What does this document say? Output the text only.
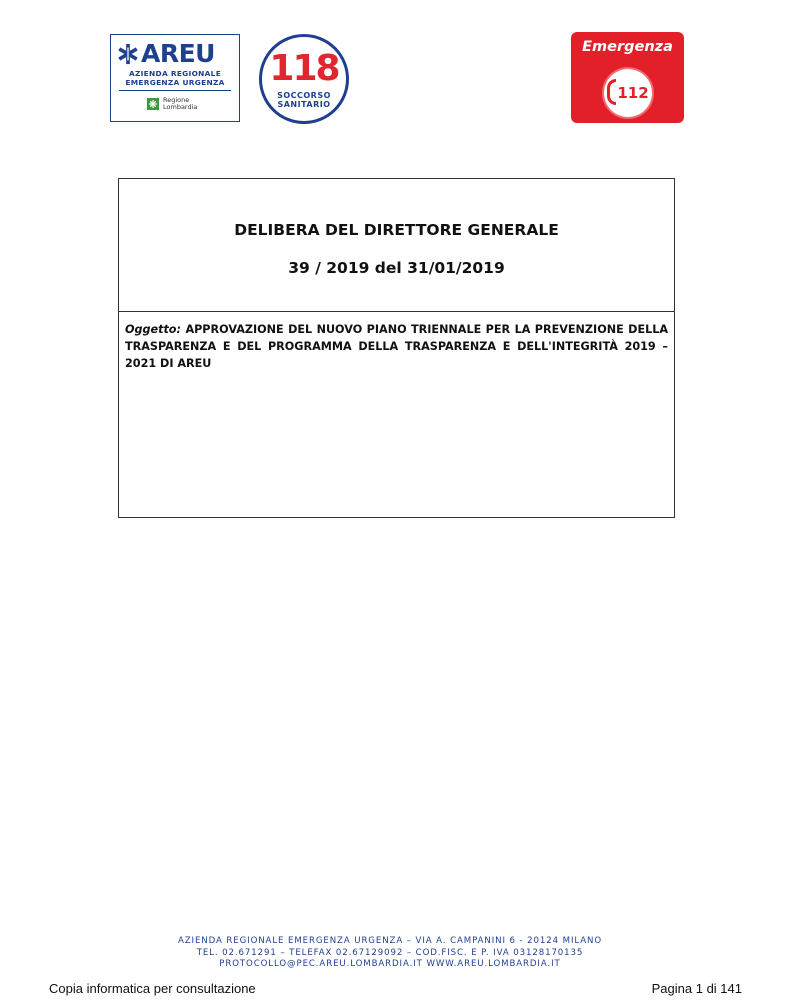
AREU
AZIENDA REGIONALE
EMERGENZA URGENZA
Regione
Lombardia
118
SOCCORSO
SANITARIO
Emergenza
112
DELIBERA DEL DIRETTORE GENERALE
39 / 2019 del 31/01/2019
Oggetto: APPROVAZIONE DEL NUOVO PIANO TRIENNALE PER LA PREVENZIONE DELLA TRASPARENZA E DEL PROGRAMMA DELLA TRASPARENZA E DELL'INTEGRITÀ 2019 – 2021 DI AREU
AZIENDA REGIONALE EMERGENZA URGENZA – VIA A. CAMPANINI 6 - 20124 MILANO
TEL. 02.671291 – TELEFAX 02.67129092 – COD.FISC. E P. IVA 03128170135
PROTOCOLLO@PEC.AREU.LOMBARDIA.IT WWW.AREU.LOMBARDIA.IT
Copia informatica per consultazione	Pagina 1 di 141
